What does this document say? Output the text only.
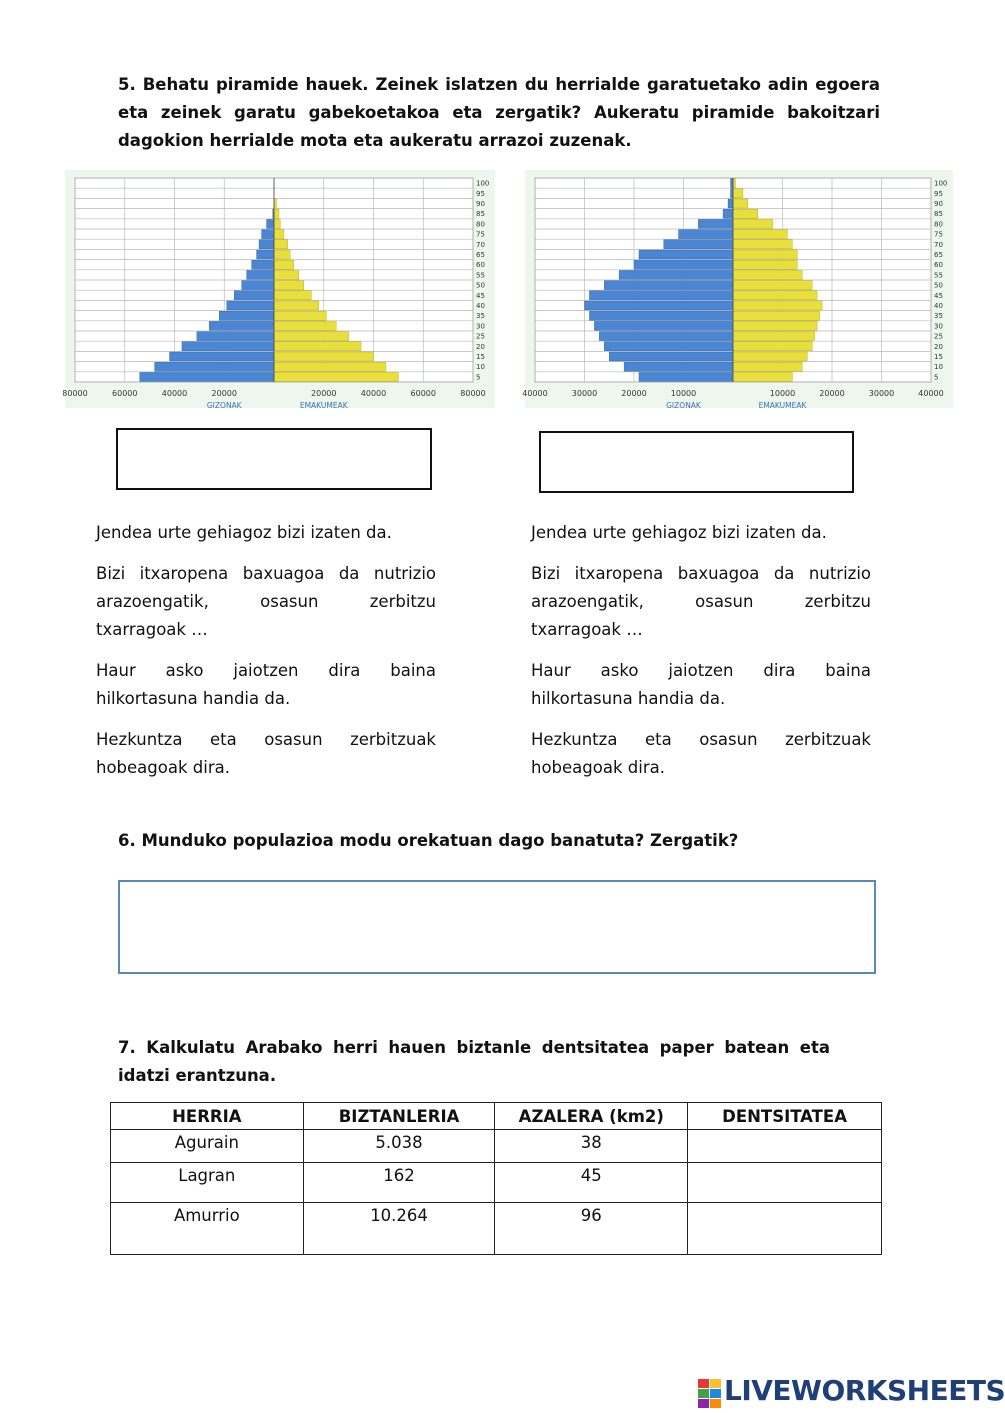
5. Behatu piramide hauek. Zeinek islatzen du herrialde garatuetako adin egoera eta zeinek garatu gabekoetakoa eta zergatik? Aukeratu piramide bakoitzari dagokion herrialde mota eta aukeratu arrazoi zuzenak.
100
95
90
85
80
75
70
65
60
55
50
45
40
35
30
25
20
15
10
5
80000	60000	40000	20000	20000	40000	60000	80000
GIZONAK	EMAKUMEAK
100
95
90
85
80
75
70
65
60
55
50
45
40
35
30
25
20
15
10
5
40000	30000	20000	10000	10000	20000	30000	40000
GIZONAK	EMAKUMEAK

Jendea urte gehiagoz bizi izaten da.

Bizi itxaropena baxuagoa da nutrizio arazoengatik, osasun zerbitzu txarragoak …

Haur asko jaiotzen dira baina hilkortasuna handia da.

Hezkuntza eta osasun zerbitzuak hobeagoak dira.

Jendea urte gehiagoz bizi izaten da.

Bizi itxaropena baxuagoa da nutrizio arazoengatik, osasun zerbitzu txarragoak …

Haur asko jaiotzen dira baina hilkortasuna handia da.

Hezkuntza eta osasun zerbitzuak hobeagoak dira.

6. Munduko populazioa modu orekatuan dago banatuta? Zergatik?
7. Kalkulatu Arabako herri hauen biztanle dentsitatea paper batean eta idatzi erantzuna.
HERRIA	BIZTANLERIA	AZALERA (km2)	DENTSITATEA
Agurain	5.038	38	
Lagran	162	45	
Amurrio	10.264	96	
LIVEWORKSHEETS
